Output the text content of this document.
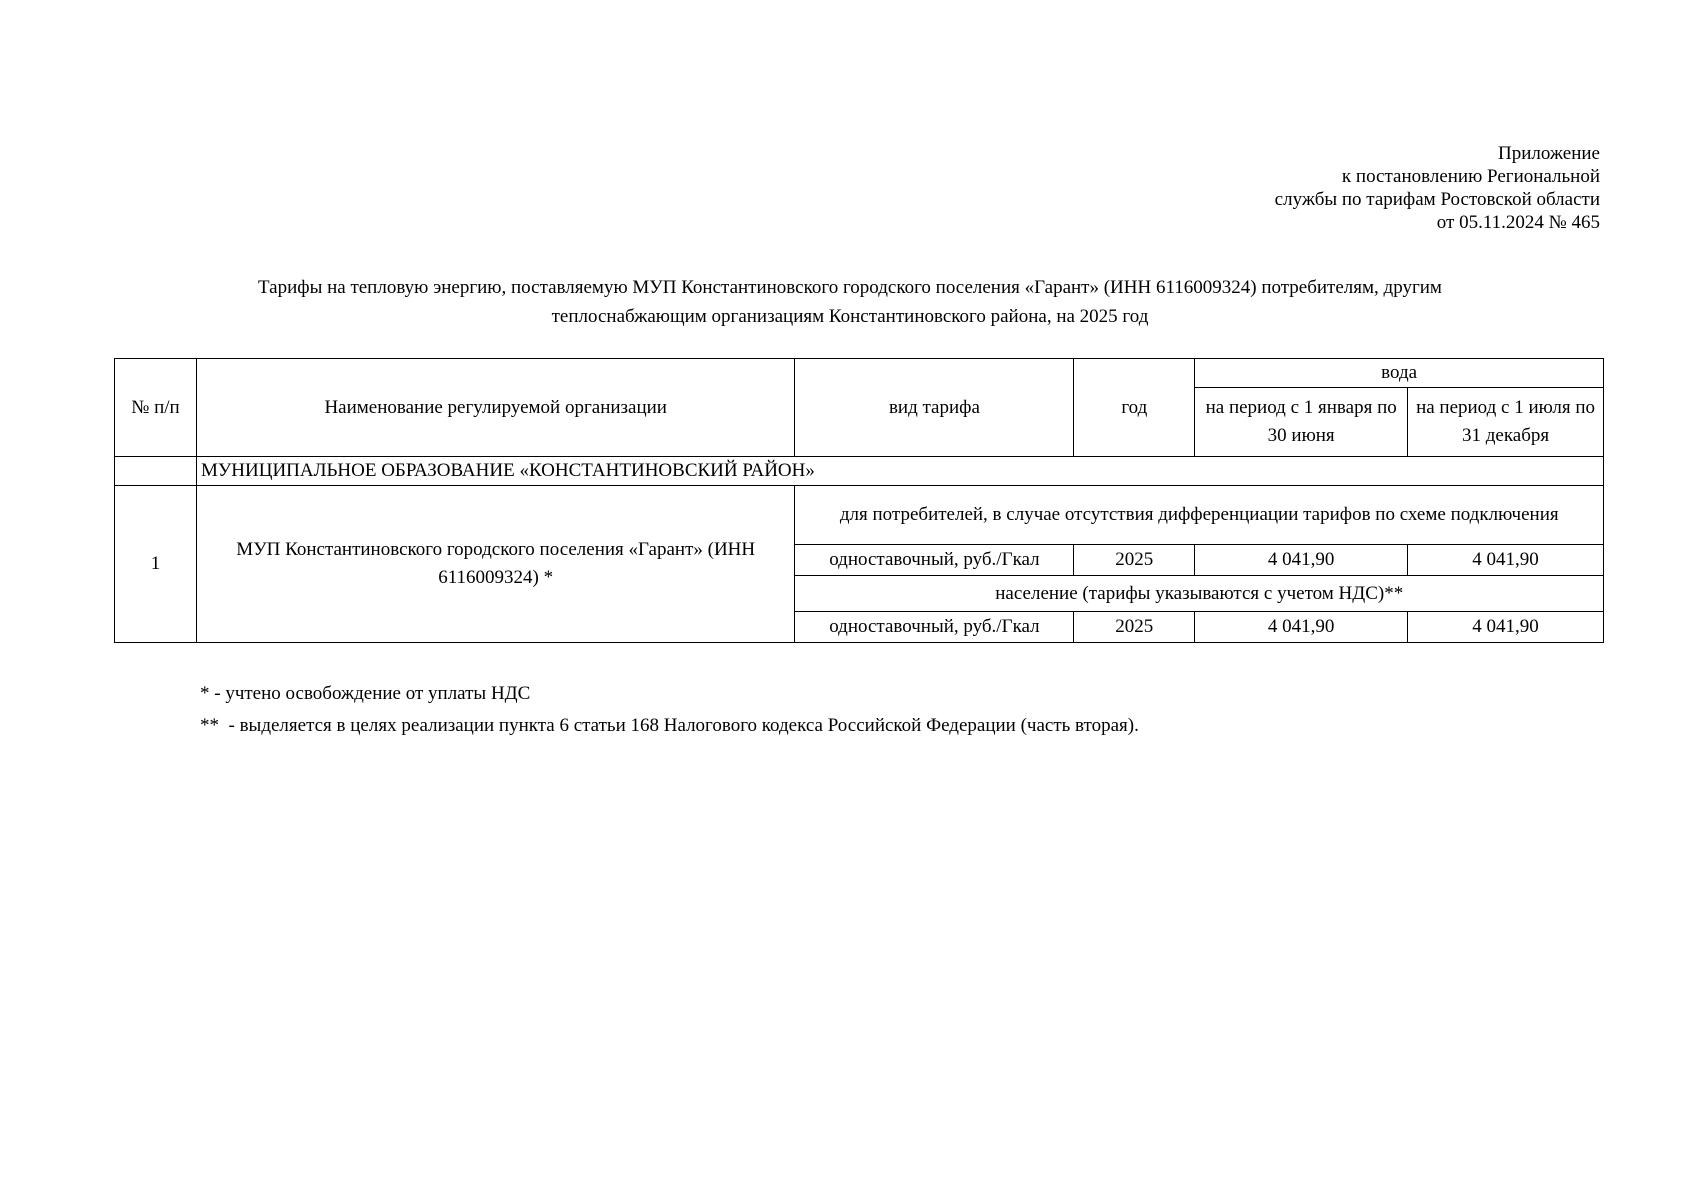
Приложение
к постановлению Региональной
службы по тарифам Ростовской области
от 05.11.2024 № 465
Тарифы на тепловую энергию, поставляемую МУП Константиновского городского поселения «Гарант» (ИНН 6116009324) потребителям, другим
теплоснабжающим организациям Константиновского района, на 2025 год
№ п/п	Наименование регулируемой организации	вид тарифа	год	вода	
				на период с 1 января по 30 июня	на период с 1 июля по 31 декабря
	МУНИЦИПАЛЬНОЕ ОБРАЗОВАНИЕ «КОНСТАНТИНОВСКИЙ РАЙОН»				
1	МУП Константиновского городского поселения «Гарант» (ИНН 6116009324) *	для потребителей, в случае отсутствия дифференциации тарифов по схеме подключения			
		одноставочный, руб./Гкал	2025	4 041,90	4 041,90
		население (тарифы указываются с учетом НДС)**			
		одноставочный, руб./Гкал	2025	4 041,90	4 041,90
* - учтено освобождение от уплаты НДС
**  - выделяется в целях реализации пункта 6 статьи 168 Налогового кодекса Российской Федерации (часть вторая).
